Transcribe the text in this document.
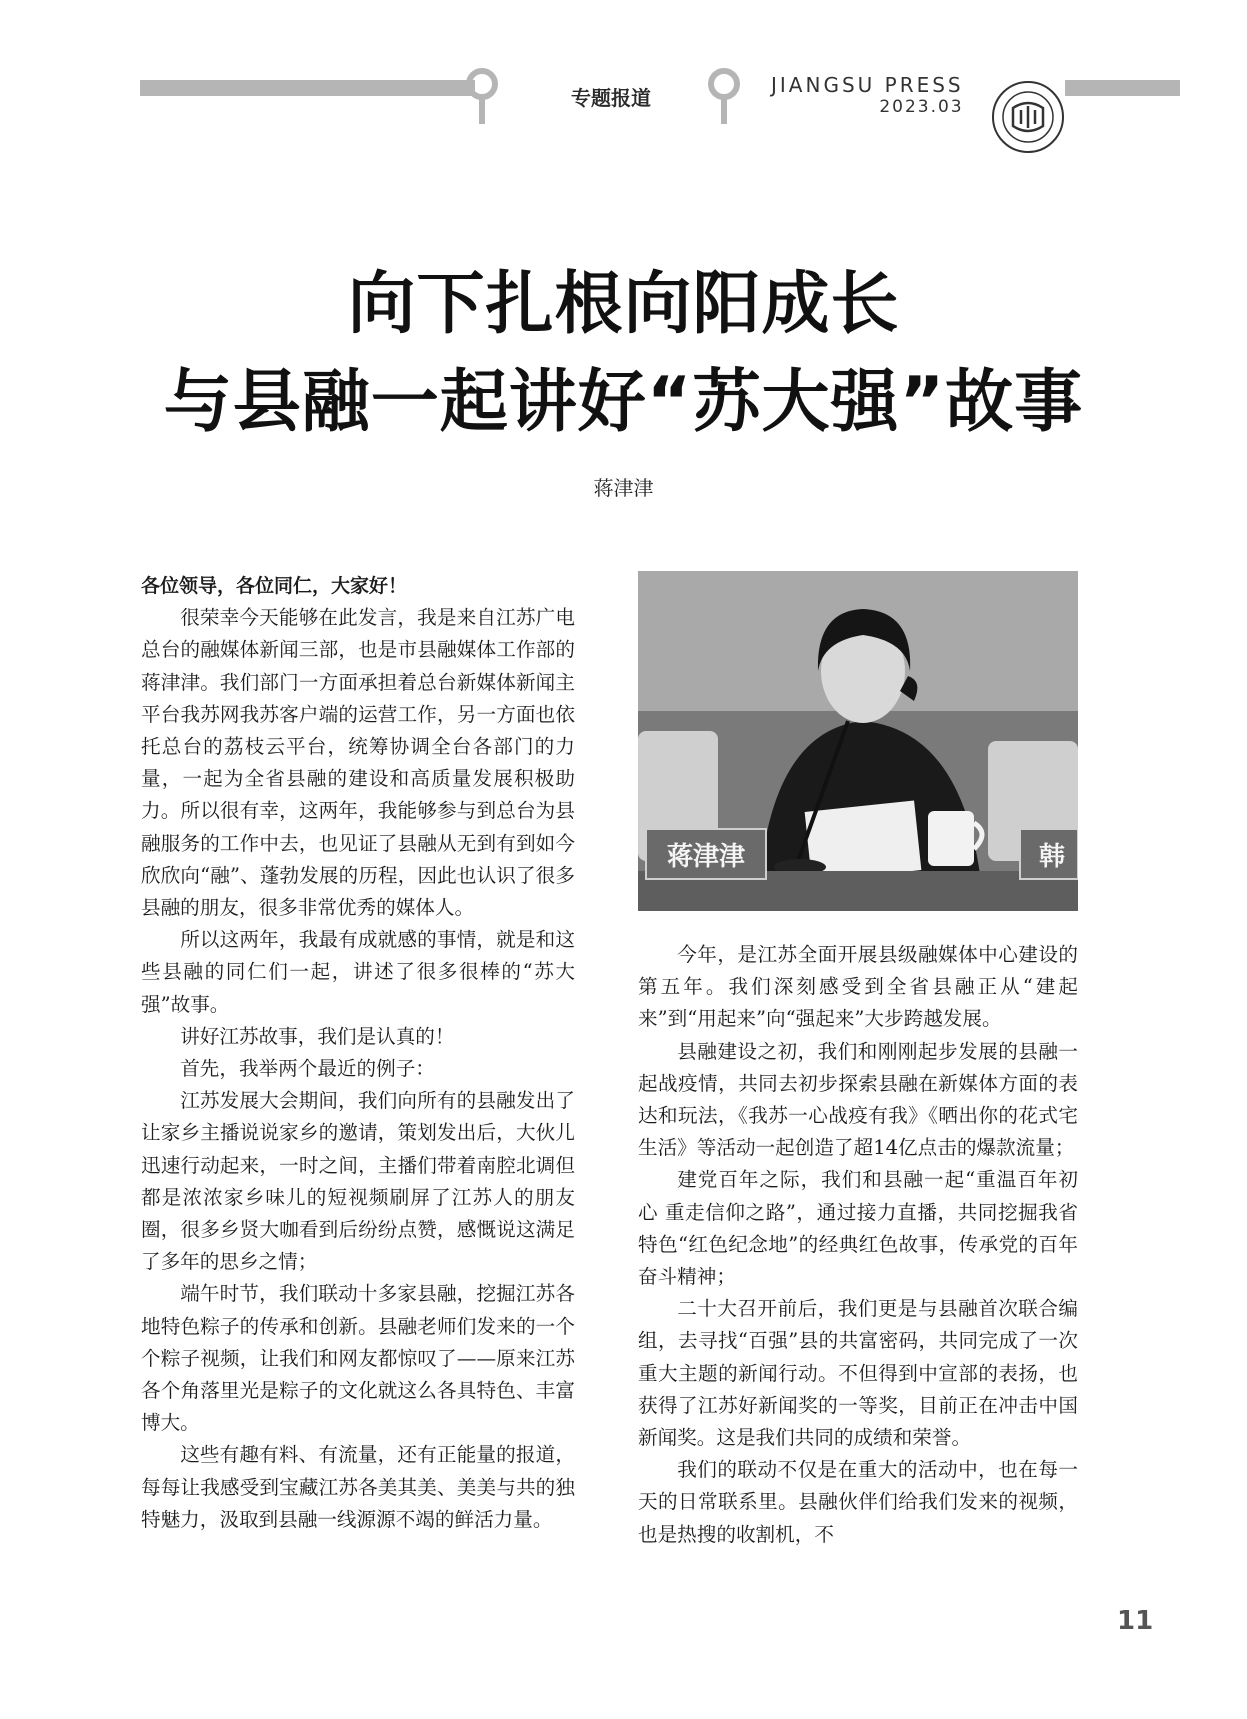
专题报道
JIANGSU PRESS
2023.03
向下扎根向阳成长
与县融一起讲好“苏大强”故事
蒋津津

各位领导，各位同仁，大家好！

很荣幸今天能够在此发言，我是来自江苏广电总台的融媒体新闻三部，也是市县融媒体工作部的蒋津津。我们部门一方面承担着总台新媒体新闻主平台我苏网我苏客户端的运营工作，另一方面也依托总台的荔枝云平台，统筹协调全台各部门的力量，一起为全省县融的建设和高质量发展积极助力。所以很有幸，这两年，我能够参与到总台为县融服务的工作中去，也见证了县融从无到有到如今欣欣向“融”、蓬勃发展的历程，因此也认识了很多县融的朋友，很多非常优秀的媒体人。

所以这两年，我最有成就感的事情，就是和这些县融的同仁们一起，讲述了很多很棒的“苏大强”故事。

讲好江苏故事，我们是认真的！

首先，我举两个最近的例子：

江苏发展大会期间，我们向所有的县融发出了让家乡主播说说家乡的邀请，策划发出后，大伙儿迅速行动起来，一时之间，主播们带着南腔北调但都是浓浓家乡味儿的短视频刷屏了江苏人的朋友圈，很多乡贤大咖看到后纷纷点赞，感慨说这满足了多年的思乡之情；

端午时节，我们联动十多家县融，挖掘江苏各地特色粽子的传承和创新。县融老师们发来的一个个粽子视频，让我们和网友都惊叹了——原来江苏各个角落里光是粽子的文化就这么各具特色、丰富博大。

这些有趣有料、有流量，还有正能量的报道，每每让我感受到宝藏江苏各美其美、美美与共的独特魅力，汲取到县融一线源源不竭的鲜活力量。

蒋津津	韩

今年，是江苏全面开展县级融媒体中心建设的第五年。我们深刻感受到全省县融正从“建起来”到“用起来”向“强起来”大步跨越发展。

县融建设之初，我们和刚刚起步发展的县融一起战疫情，共同去初步探索县融在新媒体方面的表达和玩法，《我苏一心战疫有我》《晒出你的花式宅生活》等活动一起创造了超14亿点击的爆款流量；

建党百年之际，我们和县融一起“重温百年初心 重走信仰之路”，通过接力直播，共同挖掘我省特色“红色纪念地”的经典红色故事，传承党的百年奋斗精神；

二十大召开前后，我们更是与县融首次联合编组，去寻找“百强”县的共富密码，共同完成了一次重大主题的新闻行动。不但得到中宣部的表扬，也获得了江苏好新闻奖的一等奖，目前正在冲击中国新闻奖。这是我们共同的成绩和荣誉。

我们的联动不仅是在重大的活动中，也在每一天的日常联系里。县融伙伴们给我们发来的视频，也是热搜的收割机，不

11
